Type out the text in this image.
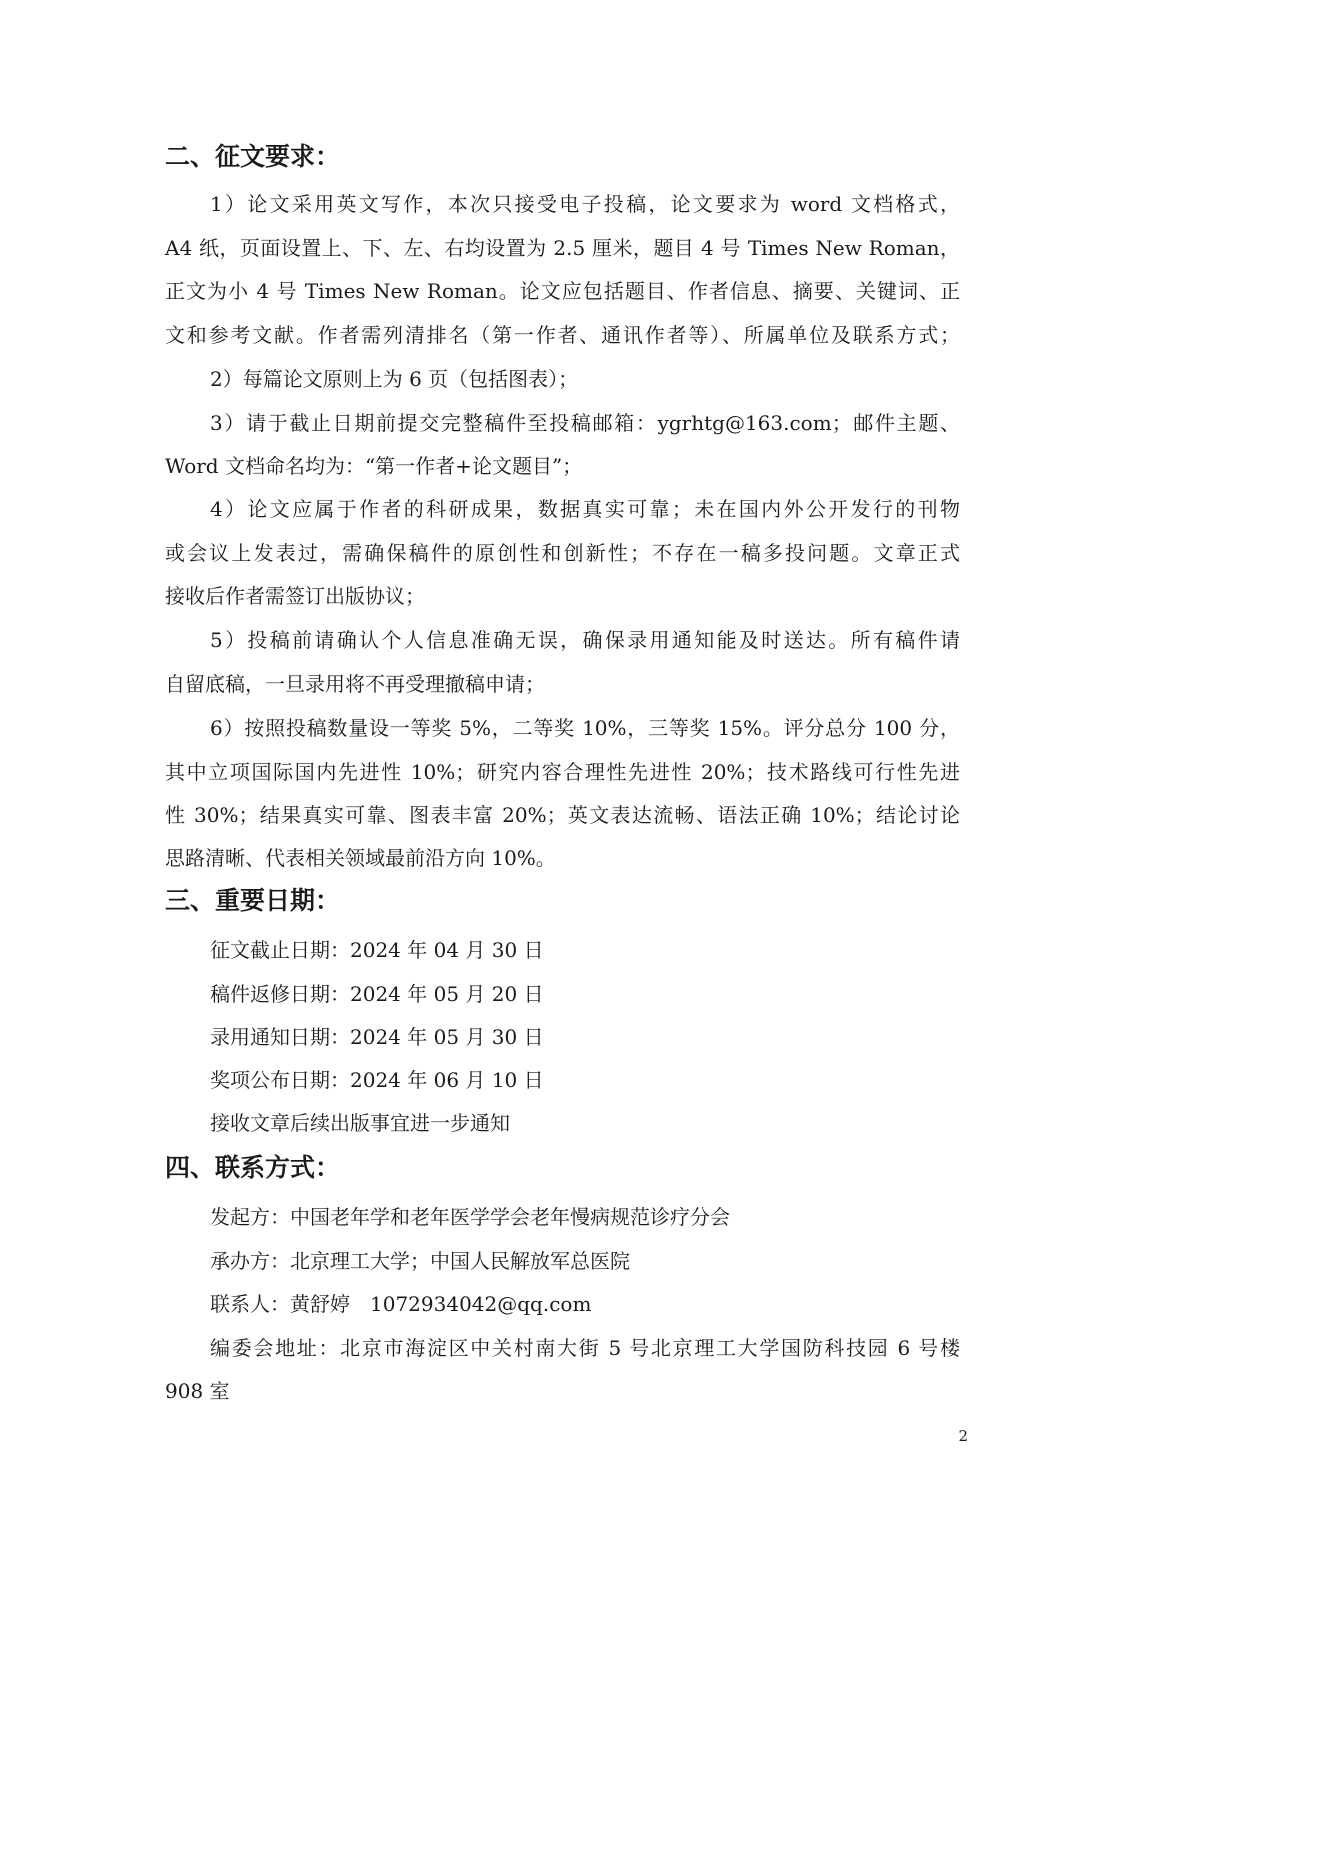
二、征文要求：
1）论文采用英文写作，本次只接受电子投稿，论文要求为 word 文档格式，
A4 纸，页面设置上、下、左、右均设置为 2.5 厘米，题目 4 号 Times New Roman，
正文为小 4 号 Times New Roman。论文应包括题目、作者信息、摘要、关键词、正
文和参考文献。作者需列清排名（第一作者、通讯作者等）、所属单位及联系方式；
2）每篇论文原则上为 6 页（包括图表）；
3）请于截止日期前提交完整稿件至投稿邮箱：ygrhtg@163.com；邮件主题、
Word 文档命名均为：“第一作者+论文题目”；
4）论文应属于作者的科研成果，数据真实可靠；未在国内外公开发行的刊物
或会议上发表过，需确保稿件的原创性和创新性；不存在一稿多投问题。文章正式
接收后作者需签订出版协议；
5）投稿前请确认个人信息准确无误，确保录用通知能及时送达。所有稿件请
自留底稿，一旦录用将不再受理撤稿申请；
6）按照投稿数量设一等奖 5%，二等奖 10%，三等奖 15%。评分总分 100 分，
其中立项国际国内先进性 10%；研究内容合理性先进性 20%；技术路线可行性先进
性 30%；结果真实可靠、图表丰富 20%；英文表达流畅、语法正确 10%；结论讨论
思路清晰、代表相关领域最前沿方向 10%。
三、重要日期：
征文截止日期：2024 年 04 月 30 日
稿件返修日期：2024 年 05 月 20 日
录用通知日期：2024 年 05 月 30 日
奖项公布日期：2024 年 06 月 10 日
接收文章后续出版事宜进一步通知
四、联系方式：
发起方：中国老年学和老年医学学会老年慢病规范诊疗分会
承办方：北京理工大学；中国人民解放军总医院
联系人：黄舒婷　1072934042@qq.com
编委会地址：北京市海淀区中关村南大街 5 号北京理工大学国防科技园 6 号楼
908 室
2
